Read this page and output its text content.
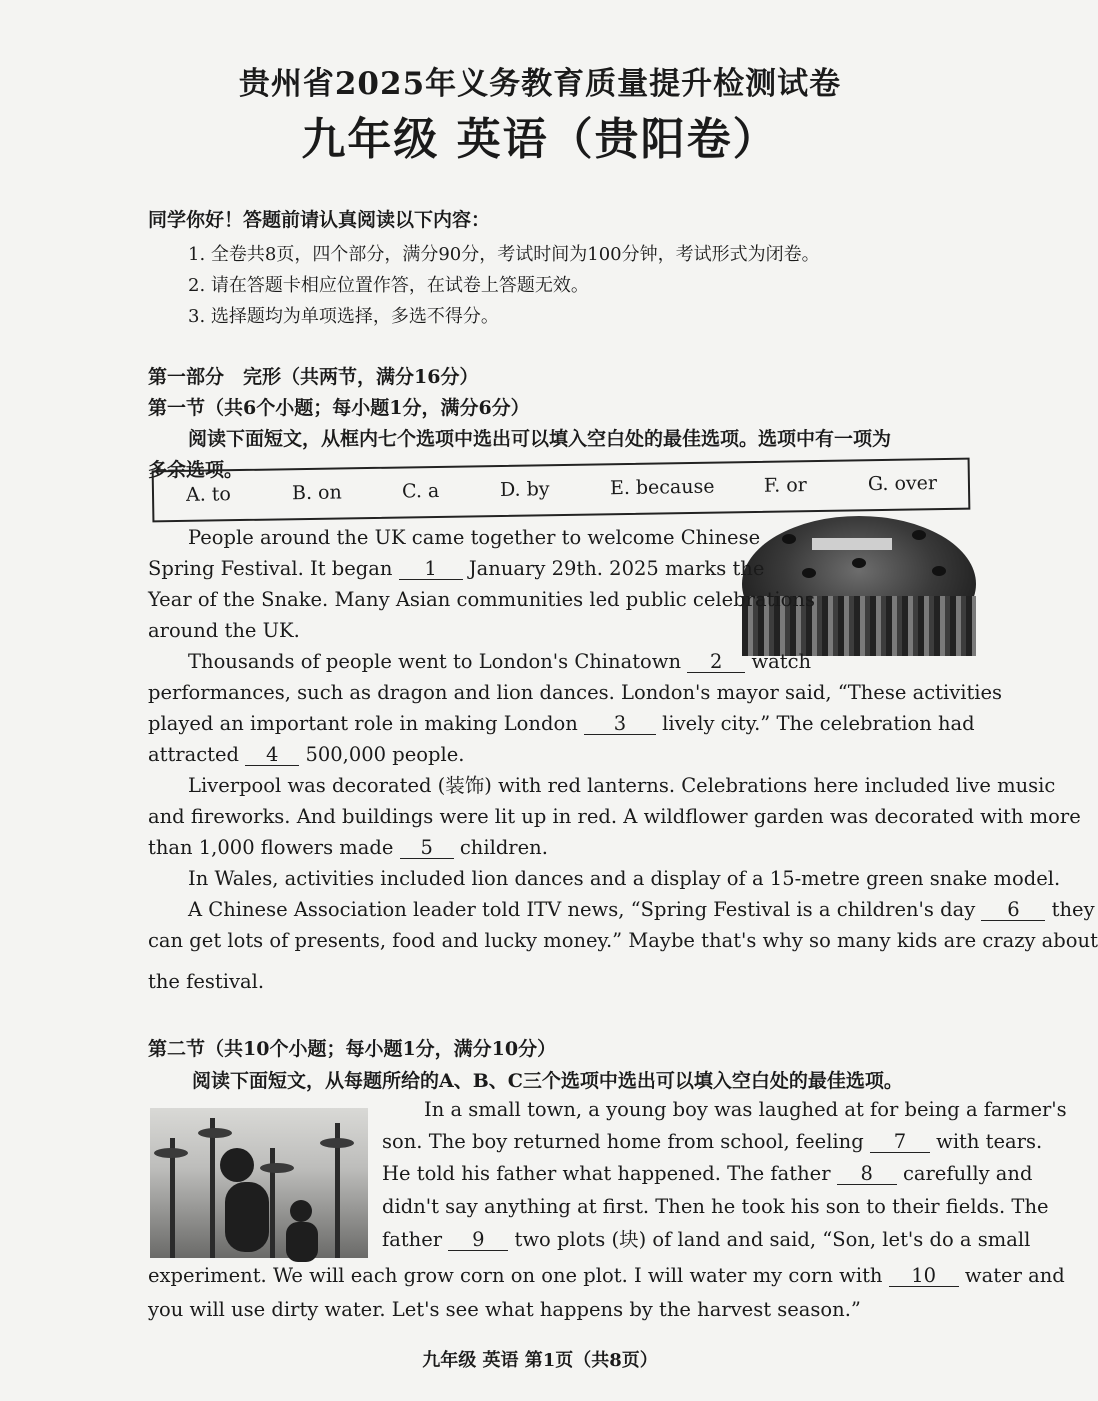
贵州省2025年义务教育质量提升检测试卷
九年级 英语（贵阳卷）
同学你好！答题前请认真阅读以下内容：
1. 全卷共8页，四个部分，满分90分，考试时间为100分钟，考试形式为闭卷。
2. 请在答题卡相应位置作答，在试卷上答题无效。
3. 选择题均为单项选择，多选不得分。
第一部分　完形（共两节，满分16分）
第一节（共6个小题；每小题1分，满分6分）
阅读下面短文，从框内七个选项中选出可以填入空白处的最佳选项。选项中有一项为
多余选项。
A. to	B. on	C. a	D. by	E. because	F. or	G. over
People around the UK came together to welcome Chinese
Spring Festival. It began 1 January 29th. 2025 marks the
Year of the Snake. Many Asian communities led public celebrations
around the UK.
Thousands of people went to London's Chinatown 2 watch
performances, such as dragon and lion dances. London's mayor said, “These activities
played an important role in making London 3 lively city.” The celebration had
attracted 4 500,000 people.
Liverpool was decorated (装饰) with red lanterns. Celebrations here included live music
and fireworks. And buildings were lit up in red. A wildflower garden was decorated with more
than 1,000 flowers made 5 children.
In Wales, activities included lion dances and a display of a 15-metre green snake model.
A Chinese Association leader told ITV news, “Spring Festival is a children's day 6 they
can get lots of presents, food and lucky money.” Maybe that's why so many kids are crazy about
the festival.
第二节（共10个小题；每小题1分，满分10分）
阅读下面短文，从每题所给的A、B、C三个选项中选出可以填入空白处的最佳选项。
In a small town, a young boy was laughed at for being a farmer's
son. The boy returned home from school, feeling 7 with tears.
He told his father what happened. The father 8 carefully and
didn't say anything at first. Then he took his son to their fields. The
father 9 two plots (块) of land and said, “Son, let's do a small
experiment. We will each grow corn on one plot. I will water my corn with 10 water and
you will use dirty water. Let's see what happens by the harvest season.”
九年级 英语 第1页（共8页）
